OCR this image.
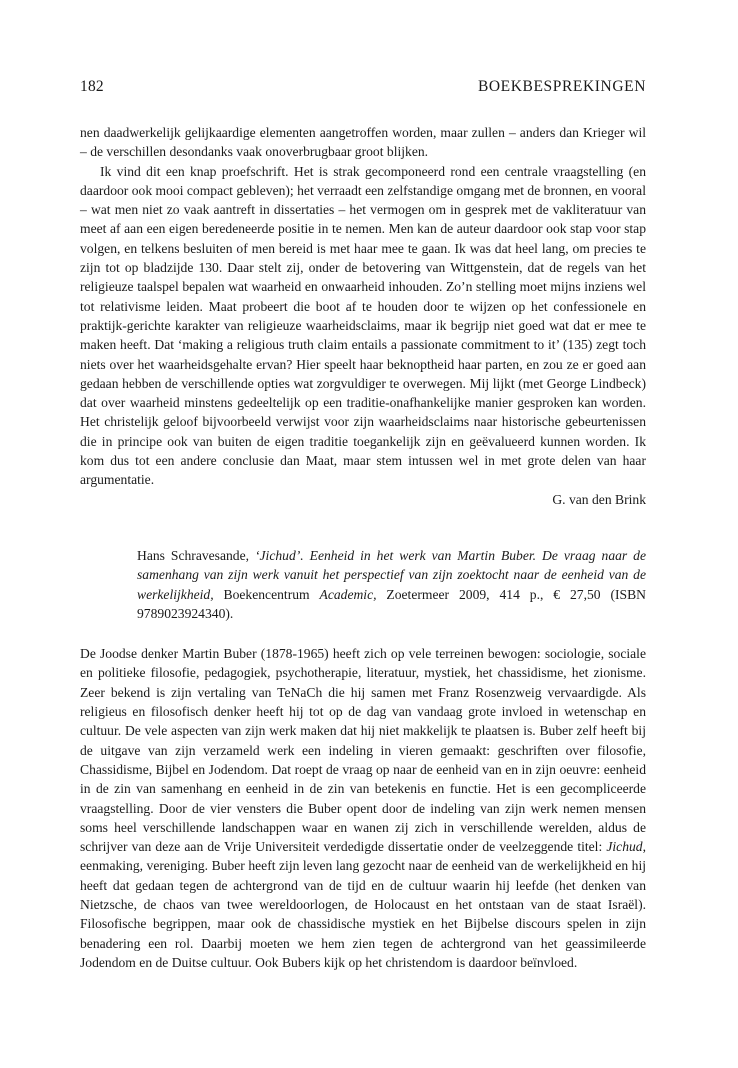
182	BOEKBESPREKINGEN

nen daadwerkelijk gelijkaardige elementen aangetroffen worden, maar zullen – anders dan Krieger wil – de verschillen desondanks vaak onoverbrugbaar groot blijken.

Ik vind dit een knap proefschrift. Het is strak gecomponeerd rond een centrale vraagstelling (en daardoor ook mooi compact gebleven); het verraadt een zelfstandige omgang met de bronnen, en vooral – wat men niet zo vaak aantreft in dissertaties – het vermogen om in gesprek met de vakliteratuur van meet af aan een eigen beredeneerde positie in te nemen. Men kan de auteur daardoor ook stap voor stap volgen, en telkens besluiten of men bereid is met haar mee te gaan. Ik was dat heel lang, om precies te zijn tot op bladzijde 130. Daar stelt zij, onder de betovering van Wittgenstein, dat de regels van het religieuze taalspel bepalen wat waarheid en onwaarheid inhouden. Zo’n stelling moet mijns inziens wel tot relativisme leiden. Maat probeert die boot af te houden door te wijzen op het confessionele en praktijk-gerichte karakter van religieuze waarheidsclaims, maar ik begrijp niet goed wat dat er mee te maken heeft. Dat ‘making a religious truth claim entails a passionate commitment to it’ (135) zegt toch niets over het waarheidsgehalte ervan? Hier speelt haar beknoptheid haar parten, en zou ze er goed aan gedaan hebben de verschillende opties wat zorgvuldiger te overwegen. Mij lijkt (met George Lindbeck) dat over waarheid minstens gedeeltelijk op een traditie-onafhankelijke manier gesproken kan worden. Het christelijk geloof bijvoorbeeld verwijst voor zijn waarheidsclaims naar historische gebeurtenissen die in principe ook van buiten de eigen traditie toegankelijk zijn en geëvalueerd kunnen worden. Ik kom dus tot een andere conclusie dan Maat, maar stem intussen wel in met grote delen van haar argumentatie.

G. van den Brink

Hans Schravesande, ‘Jichud’. Eenheid in het werk van Martin Buber. De vraag naar de samenhang van zijn werk vanuit het perspectief van zijn zoektocht naar de eenheid van de werkelijkheid, Boekencentrum Academic, Zoetermeer 2009, 414 p., € 27,50 (ISBN 9789023924340).

De Joodse denker Martin Buber (1878-1965) heeft zich op vele terreinen bewogen: sociologie, sociale en politieke filosofie, pedagogiek, psychotherapie, literatuur, mystiek, het chassidisme, het zionisme. Zeer bekend is zijn vertaling van TeNaCh die hij samen met Franz Rosenzweig vervaardigde. Als religieus en filosofisch denker heeft hij tot op de dag van vandaag grote invloed in wetenschap en cultuur. De vele aspecten van zijn werk maken dat hij niet makkelijk te plaatsen is. Buber zelf heeft bij de uitgave van zijn verzameld werk een indeling in vieren gemaakt: geschriften over filosofie, Chassidisme, Bijbel en Jodendom. Dat roept de vraag op naar de eenheid van en in zijn oeuvre: eenheid in de zin van samenhang en eenheid in de zin van betekenis en functie. Het is een gecompliceerde vraagstelling. Door de vier vensters die Buber opent door de indeling van zijn werk nemen mensen soms heel verschillende landschappen waar en wanen zij zich in verschillende werelden, aldus de schrijver van deze aan de Vrije Universiteit verdedigde dissertatie onder de veelzeggende titel: Jichud, eenmaking, vereniging. Buber heeft zijn leven lang gezocht naar de eenheid van de werkelijkheid en hij heeft dat gedaan tegen de achtergrond van de tijd en de cultuur waarin hij leefde (het denken van Nietzsche, de chaos van twee wereldoorlogen, de Holocaust en het ontstaan van de staat Israël). Filosofische begrippen, maar ook de chassidische mystiek en het Bijbelse discours spelen in zijn benadering een rol. Daarbij moeten we hem zien tegen de achtergrond van het geassimileerde Jodendom en de Duitse cultuur. Ook Bubers kijk op het christendom is daardoor beïnvloed.
